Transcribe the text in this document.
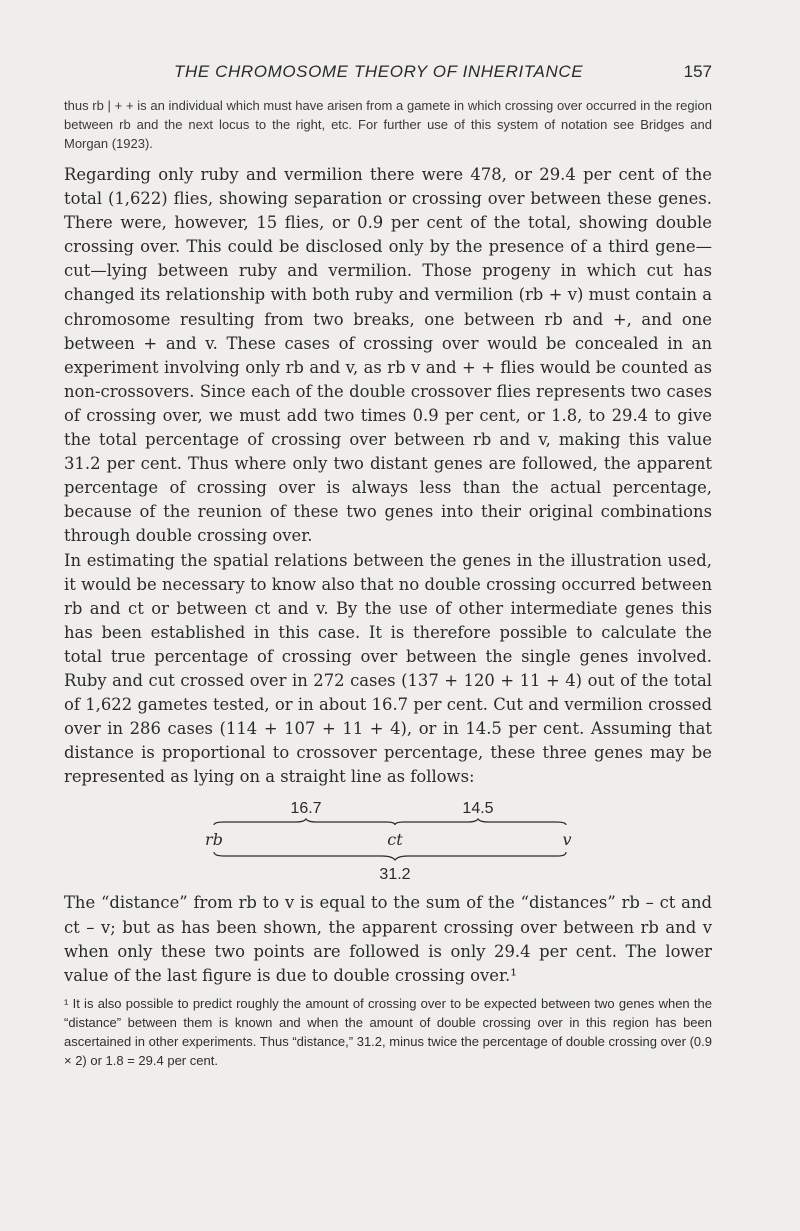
THE CHROMOSOME THEORY OF INHERITANCE	157
thus rb | + + is an individual which must have arisen from a gamete in which crossing over occurred in the region between rb and the next locus to the right, etc. For further use of this system of notation see Bridges and Morgan (1923).

Regarding only ruby and vermilion there were 478, or 29.4 per cent of the total (1,622) flies, showing separation or crossing over between these genes. There were, however, 15 flies, or 0.9 per cent of the total, showing double crossing over. This could be disclosed only by the presence of a third gene—cut—lying between ruby and vermilion. Those progeny in which cut has changed its relationship with both ruby and vermilion (rb + v) must contain a chromosome resulting from two breaks, one between rb and +, and one between + and v. These cases of crossing over would be concealed in an experiment involving only rb and v, as rb v and + + flies would be counted as non-crossovers. Since each of the double crossover flies represents two cases of crossing over, we must add two times 0.9 per cent, or 1.8, to 29.4 to give the total percentage of crossing over between rb and v, making this value 31.2 per cent. Thus where only two distant genes are followed, the apparent percentage of crossing over is always less than the actual percentage, because of the reunion of these two genes into their original combinations through double crossing over.

In estimating the spatial relations between the genes in the illustration used, it would be necessary to know also that no double crossing occurred between rb and ct or between ct and v. By the use of other intermediate genes this has been established in this case. It is therefore possible to calculate the total true percentage of crossing over between the single genes involved. Ruby and cut crossed over in 272 cases (137 + 120 + 11 + 4) out of the total of 1,622 gametes tested, or in about 16.7 per cent. Cut and vermilion crossed over in 286 cases (114 + 107 + 11 + 4), or in 14.5 per cent. Assuming that distance is proportional to crossover percentage, these three genes may be represented as lying on a straight line as follows:

16.7	14.5
rb	ct	v
31.2

The “distance” from rb to v is equal to the sum of the “distances” rb – ct and ct – v; but as has been shown, the apparent crossing over between rb and v when only these two points are followed is only 29.4 per cent. The lower value of the last figure is due to double crossing over.¹

¹ It is also possible to predict roughly the amount of crossing over to be expected between two genes when the “distance” between them is known and when the amount of double crossing over in this region has been ascertained in other experiments. Thus “distance,” 31.2, minus twice the percentage of double crossing over (0.9 × 2) or 1.8 = 29.4 per cent.
